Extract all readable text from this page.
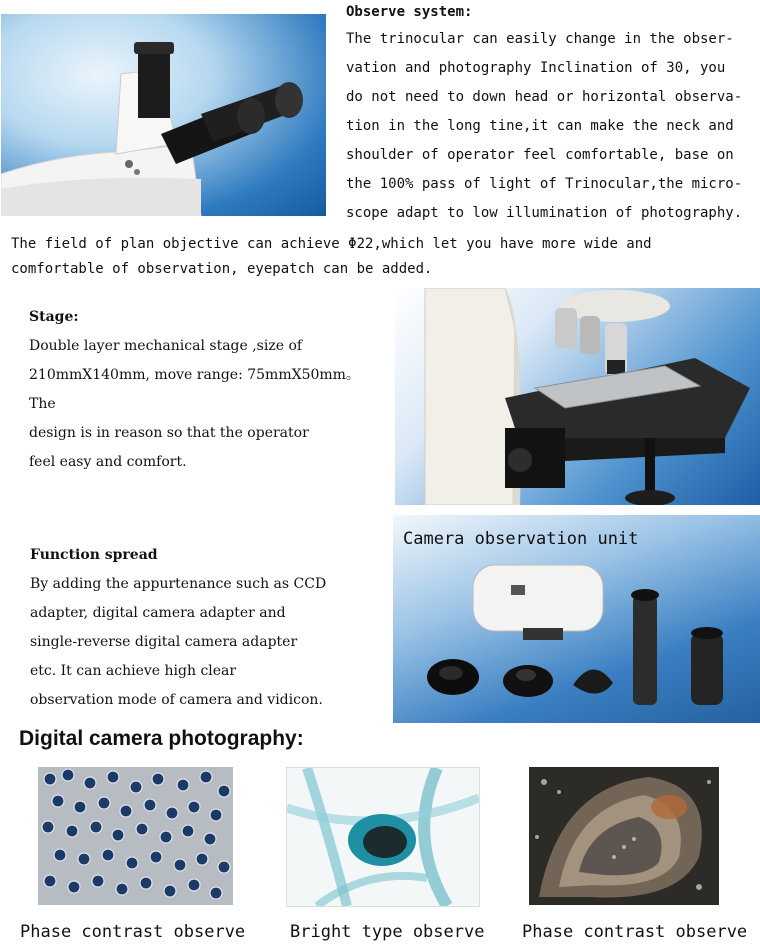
Observe system:

The trinocular can easily change in the obser-

vation and photography Inclination of 30, you

do not need to down head or horizontal observa-

tion in the long tine,it can make the neck and

shoulder of operator feel comfortable, base on

the 100% pass of light of Trinocular,the micro-

scope adapt to low illumination of photography.

The field of plan objective can achieve Φ22,which let you have more wide and

comfortable of observation, eyepatch can be added.

Stage:

Double layer mechanical stage ,size of

210mmX140mm, move range: 75mmX50mm。The

design is in reason so that the operator

feel easy and comfort.

Function spread

By adding the appurtenance such as CCD

adapter, digital camera adapter and

single-reverse digital camera adapter

etc. It can achieve high clear

observation mode of camera and vidicon.

Camera observation unit
Digital camera photography:
Phase contrast observe	Bright type observe Phase contrast observe
